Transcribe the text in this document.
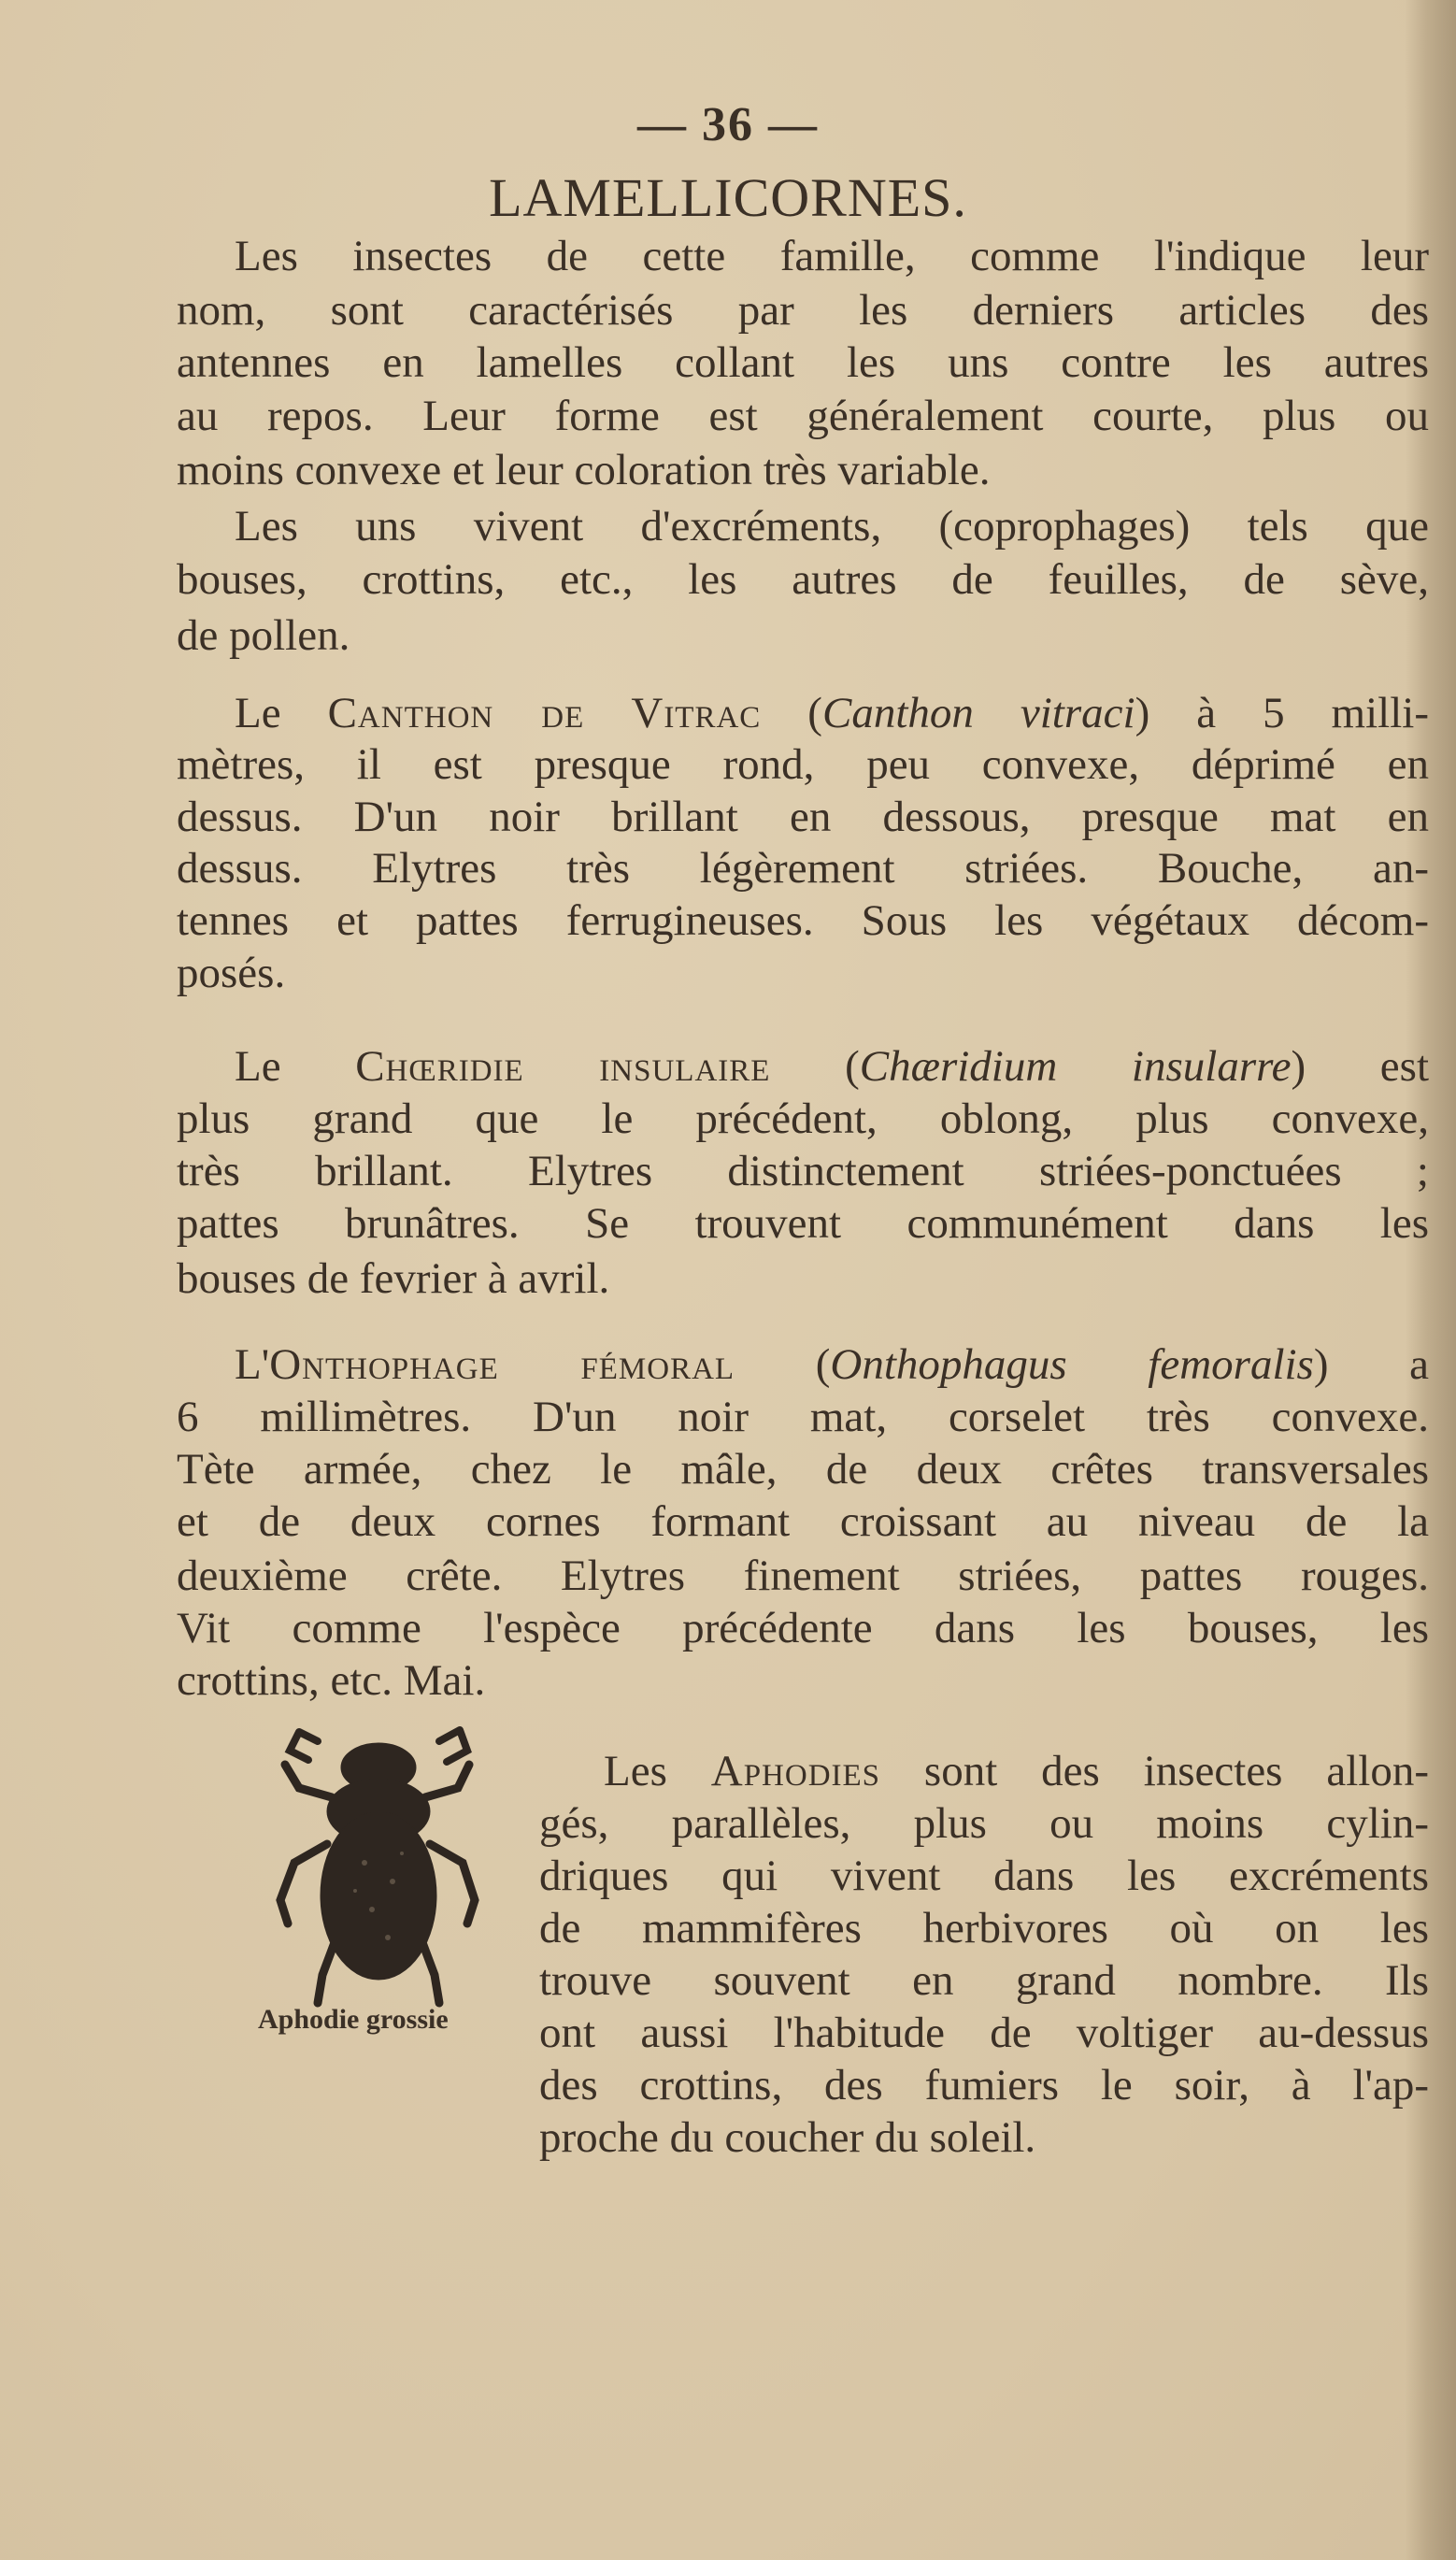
— 36 —
LAMELLICORNES.
Les insectes de cette famille, comme l'indique leur
nom, sont caractérisés par les derniers articles des
antennes en lamelles collant les uns contre les autres
au repos. Leur forme est généralement courte, plus ou
moins convexe et leur coloration très variable.
Les uns vivent d'excréments, (coprophages) tels que
bouses, crottins, etc., les autres de feuilles, de sève,
de pollen.
Le Canthon de Vitrac (Canthon vitraci) à 5 milli-
mètres, il est presque rond, peu convexe, déprimé en
dessus. D'un noir brillant en dessous, presque mat en
dessus. Elytres très légèrement striées. Bouche, an-
tennes et pattes ferrugineuses. Sous les végétaux décom-
posés.
Le Chœridie insulaire (Chæridium insularre) est
plus grand que le précédent, oblong, plus convexe,
très brillant. Elytres distinctement striées-ponctuées ;
pattes brunâtres. Se trouvent communément dans les
bouses de fevrier à avril.
L'Onthophage fémoral (Onthophagus femoralis) a
6 millimètres. D'un noir mat, corselet très convexe.
Tète armée, chez le mâle, de deux crêtes transversales
et de deux cornes formant croissant au niveau de la
deuxième crête. Elytres finement striées, pattes rouges.
Vit comme l'espèce précédente dans les bouses, les
crottins, etc. Mai.
Les Aphodies sont des insectes allon-
gés, parallèles, plus ou moins cylin-
driques qui vivent dans les excréments
de mammifères herbivores où on les
trouve souvent en grand nombre. Ils
ont aussi l'habitude de voltiger au-dessus
des crottins, des fumiers le soir, à l'ap-
proche du coucher du soleil.
Aphodie grossie
